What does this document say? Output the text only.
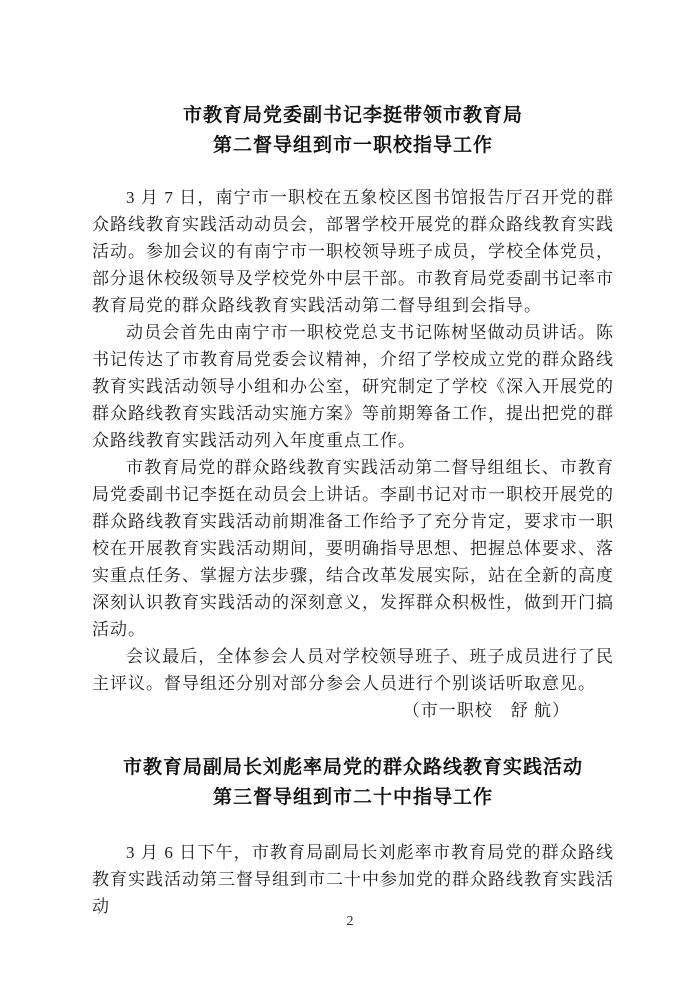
市教育局党委副书记李挺带领市教育局
第二督导组到市一职校指导工作

3 月 7 日，南宁市一职校在五象校区图书馆报告厅召开党的群众路线教育实践活动动员会，部署学校开展党的群众路线教育实践活动。参加会议的有南宁市一职校领导班子成员，学校全体党员，部分退休校级领导及学校党外中层干部。市教育局党委副书记率市教育局党的群众路线教育实践活动第二督导组到会指导。

动员会首先由南宁市一职校党总支书记陈树坚做动员讲话。陈书记传达了市教育局党委会议精神，介绍了学校成立党的群众路线教育实践活动领导小组和办公室，研究制定了学校《深入开展党的群众路线教育实践活动实施方案》等前期筹备工作，提出把党的群众路线教育实践活动列入年度重点工作。

市教育局党的群众路线教育实践活动第二督导组组长、市教育局党委副书记李挺在动员会上讲话。李副书记对市一职校开展党的群众路线教育实践活动前期准备工作给予了充分肯定，要求市一职校在开展教育实践活动期间，要明确指导思想、把握总体要求、落实重点任务、掌握方法步骤，结合改革发展实际，站在全新的高度深刻认识教育实践活动的深刻意义，发挥群众积极性，做到开门搞活动。

会议最后，全体参会人员对学校领导班子、班子成员进行了民主评议。督导组还分别对部分参会人员进行个别谈话听取意见。

（市一职校　舒 航）

市教育局副局长刘彪率局党的群众路线教育实践活动
第三督导组到市二十中指导工作

3 月 6 日下午，市教育局副局长刘彪率市教育局党的群众路线教育实践活动第三督导组到市二十中参加党的群众路线教育实践活动

2
